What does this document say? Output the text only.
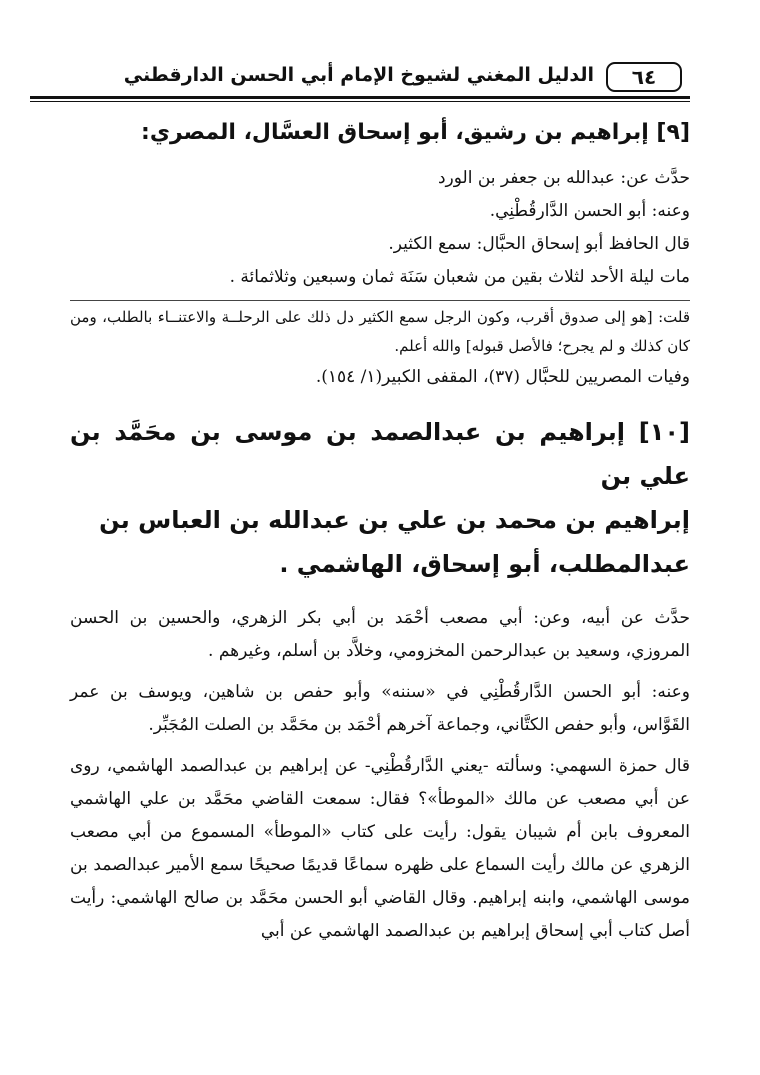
٦٤
الدليل المغني لشيوخ الإمام أبي الحسن الدارقطني

[٩] إبراهيم بن رشيق، أبو إسحاق العسَّال، المصري:

حدَّث عن: عبدالله بن جعفر بن الورد

وعنه: أبو الحسن الدَّارقُطْنِي.

قال الحافظ أبو إسحاق الحبَّال: سمع الكثير.

مات ليلة الأحد لثلاث بقين من شعبان سَنَة ثمان وسبعين وثلاثمائة .

قلت: [هو إلى صدوق أقرب، وكون الرجل سمع الكثير دل ذلك على الرحلــة والاعتنــاء بالطلب، ومن كان كذلك و لم يجرح؛ فالأصل قبوله] والله أعلم.

وفيات المصريين للحبَّال (٣٧)، المقفى الكبير(١/ ١٥٤).

[١٠] إبراهيم بن عبدالصمد بن موسى بن محَمَّد بن علي بن

إبراهيم بن محمد بن علي بن عبدالله بن العباس بن

عبدالمطلب، أبو إسحاق، الهاشمي .

حدَّث عن أبيه، وعن: أبي مصعب أحْمَد بن أبي بكر الزهري، والحسين بن الحسن المروزي، وسعيد بن عبدالرحمن المخزومي، وخلاَّد بن أسلم، وغيرهم .

وعنه: أبو الحسن الدَّارقُطْنِي في «سننه» وأبو حفص بن شاهين، ويوسف بن عمر القَوَّاس، وأبو حفص الكتَّاني، وجماعة آخرهم أحْمَد بن محَمَّد بن الصلت المُجَبِّر.

قال حمزة السهمي: وسألته -يعني الدَّارقُطْنِي- عن إبراهيم بن عبدالصمد الهاشمي، روى عن أبي مصعب عن مالك «الموطأ»؟ فقال: سمعت القاضي محَمَّد بن علي الهاشمي المعروف بابن أم شيبان يقول: رأيت على كتاب «الموطأ» المسموع من أبي مصعب الزهري عن مالك رأيت السماع على ظهره سماعًا قديمًا صحيحًا سمع الأمير عبدالصمد بن موسى الهاشمي، وابنه إبراهيم. وقال القاضي أبو الحسن محَمَّد بن صالح الهاشمي: رأيت أصل كتاب أبي إسحاق إبراهيم بن عبدالصمد الهاشمي عن أبي
